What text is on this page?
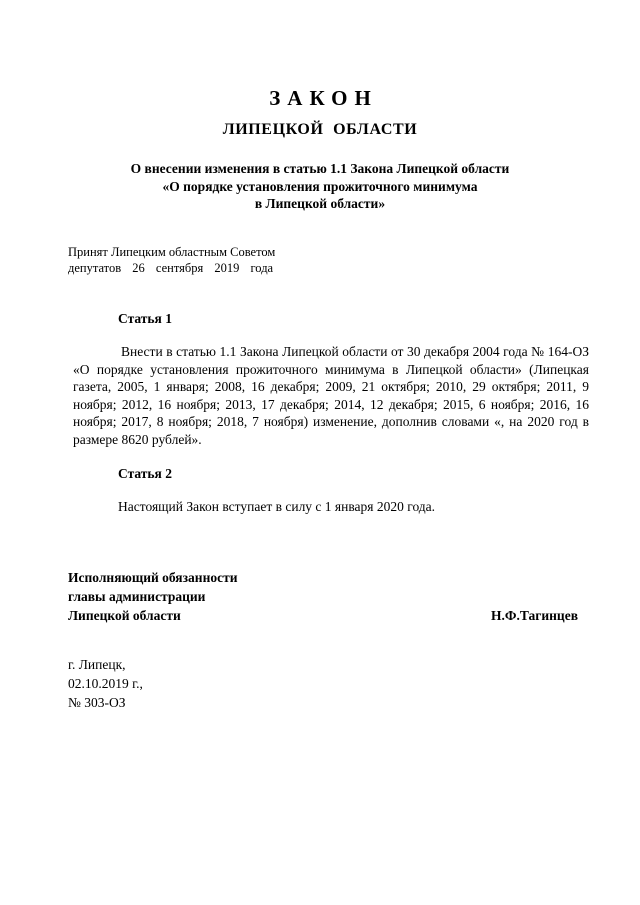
ЗАКОН
ЛИПЕЦКОЙ ОБЛАСТИ
О внесении изменения в статью 1.1 Закона Липецкой области
«О порядке установления прожиточного минимума
в Липецкой области»
Принят Липецким областным Советом
депутатов 26 сентября 2019 года
Статья 1
Внести в статью 1.1 Закона Липецкой области от 30 декабря 2004 года № 164-ОЗ «О порядке установления прожиточного минимума в Липецкой области» (Липецкая газета, 2005, 1 января; 2008, 16 декабря; 2009, 21 октября; 2010, 29 октября; 2011, 9 ноября; 2012, 16 ноября; 2013, 17 декабря; 2014, 12 декабря; 2015, 6 ноября; 2016, 16 ноября; 2017, 8 ноября; 2018, 7 ноября) изменение, дополнив словами «, на 2020 год в размере 8620 рублей».
Статья 2
Настоящий Закон вступает в силу с 1 января 2020 года.
Исполняющий обязанности
главы администрации
Липецкой области	Н.Ф.Тагинцев
г. Липецк,
02.10.2019 г.,
№ 303-ОЗ
